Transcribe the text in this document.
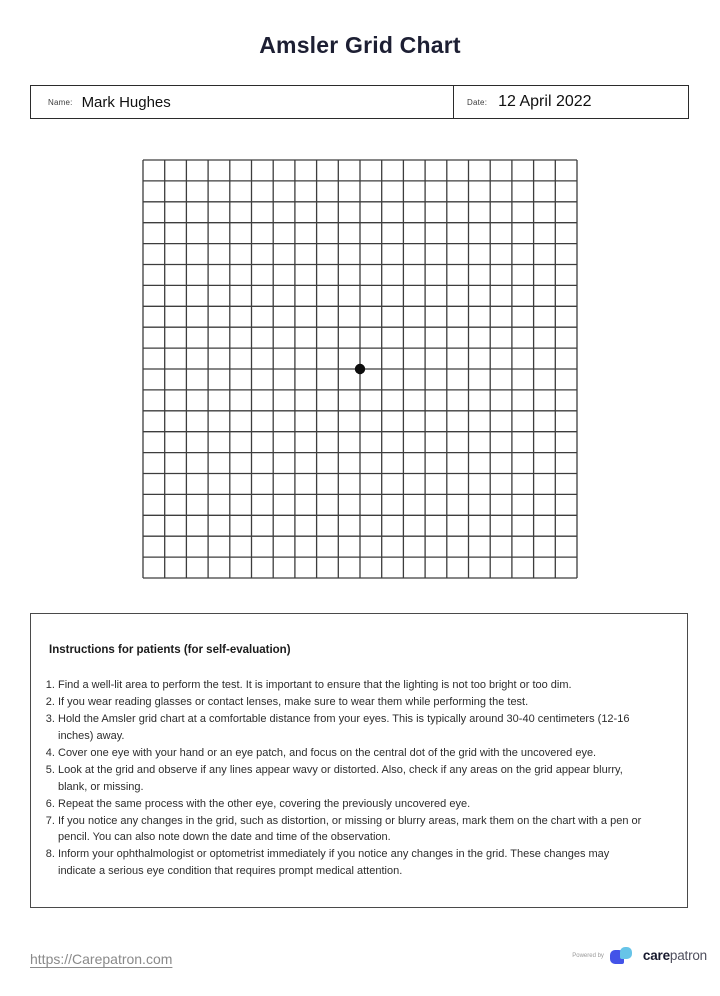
Amsler Grid Chart
Name: Mark Hughes	Date: 12 April 2022
Instructions for patients (for self-evaluation)
1. Find a well-lit area to perform the test. It is important to ensure that the lighting is not too bright or too dim.
2. If you wear reading glasses or contact lenses, make sure to wear them while performing the test.
3. Hold the Amsler grid chart at a comfortable distance from your eyes. This is typically around 30-40 centimeters (12-16 inches) away.
4. Cover one eye with your hand or an eye patch, and focus on the central dot of the grid with the uncovered eye.
5. Look at the grid and observe if any lines appear wavy or distorted. Also, check if any areas on the grid appear blurry, blank, or missing.
6. Repeat the same process with the other eye, covering the previously uncovered eye.
7. If you notice any changes in the grid, such as distortion, or missing or blurry areas, mark them on the chart with a pen or pencil. You can also note down the date and time of the observation.
8. Inform your ophthalmologist or optometrist immediately if you notice any changes in the grid. These changes may indicate a serious eye condition that requires prompt medical attention.
https://Carepatron.com	Powered by	carepatron
